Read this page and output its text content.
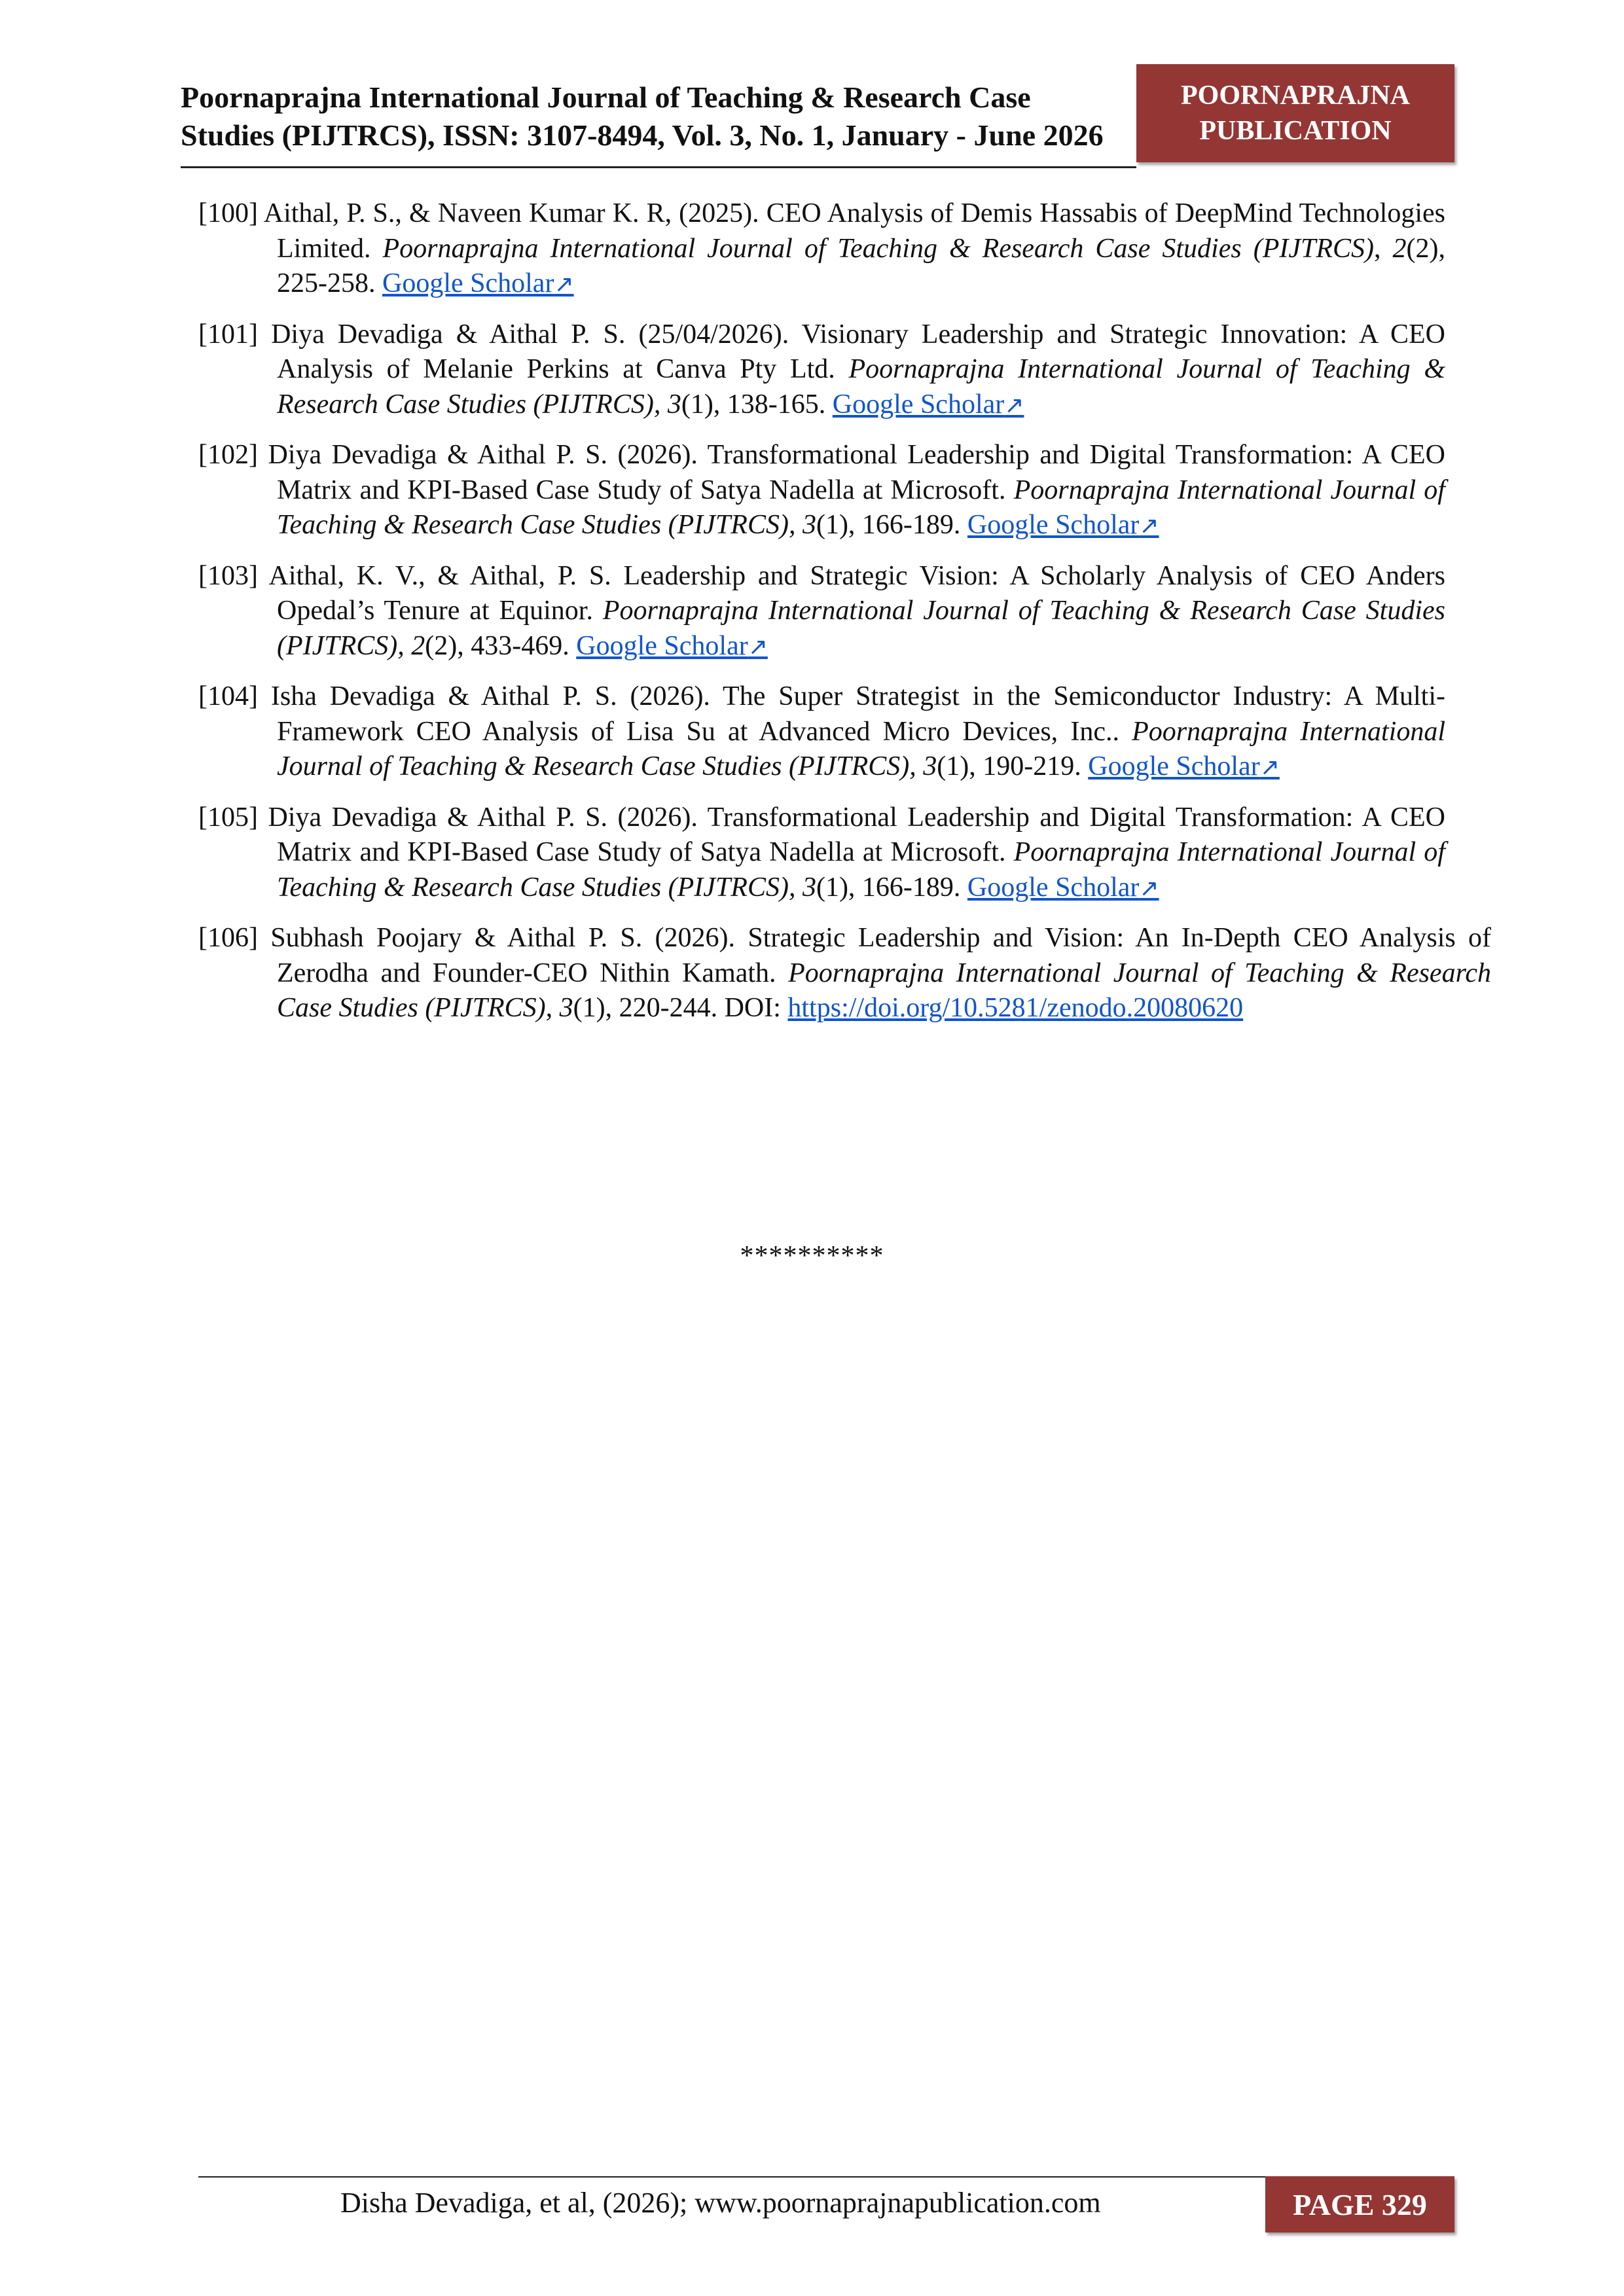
Poornaprajna International Journal of Teaching & Research Case
Studies (PIJTRCS), ISSN: 3107-8494, Vol. 3, No. 1, January - June 2026
POORNAPRAJNA
PUBLICATION
[100] Aithal, P. S., & Naveen Kumar K. R, (2025). CEO Analysis of Demis Hassabis of DeepMind Technologies Limited. Poornaprajna International Journal of Teaching & Research Case Studies (PIJTRCS), 2(2), 225-258. Google Scholar↗
[101] Diya Devadiga & Aithal P. S. (25/04/2026). Visionary Leadership and Strategic Innovation: A CEO Analysis of Melanie Perkins at Canva Pty Ltd. Poornaprajna International Journal of Teaching & Research Case Studies (PIJTRCS), 3(1), 138-165. Google Scholar↗
[102] Diya Devadiga & Aithal P. S. (2026). Transformational Leadership and Digital Transformation: A CEO Matrix and KPI-Based Case Study of Satya Nadella at Microsoft. Poornaprajna International Journal of Teaching & Research Case Studies (PIJTRCS), 3(1), 166-189. Google Scholar↗
[103] Aithal, K. V., & Aithal, P. S. Leadership and Strategic Vision: A Scholarly Analysis of CEO Anders Opedal’s Tenure at Equinor. Poornaprajna International Journal of Teaching & Research Case Studies (PIJTRCS), 2(2), 433-469. Google Scholar↗
[104] Isha Devadiga & Aithal P. S. (2026). The Super Strategist in the Semiconductor Industry: A Multi-Framework CEO Analysis of Lisa Su at Advanced Micro Devices, Inc.. Poornaprajna International Journal of Teaching & Research Case Studies (PIJTRCS), 3(1), 190-219. Google Scholar↗
[105] Diya Devadiga & Aithal P. S. (2026). Transformational Leadership and Digital Transformation: A CEO Matrix and KPI-Based Case Study of Satya Nadella at Microsoft. Poornaprajna International Journal of Teaching & Research Case Studies (PIJTRCS), 3(1), 166-189. Google Scholar↗
[106] Subhash Poojary & Aithal P. S. (2026). Strategic Leadership and Vision: An In-Depth CEO Analysis of Zerodha and Founder-CEO Nithin Kamath. Poornaprajna International Journal of Teaching & Research Case Studies (PIJTRCS), 3(1), 220-244. DOI: https://doi.org/10.5281/zenodo.20080620
**********
Disha Devadiga, et al, (2026); www.poornaprajnapublication.com	PAGE 329
